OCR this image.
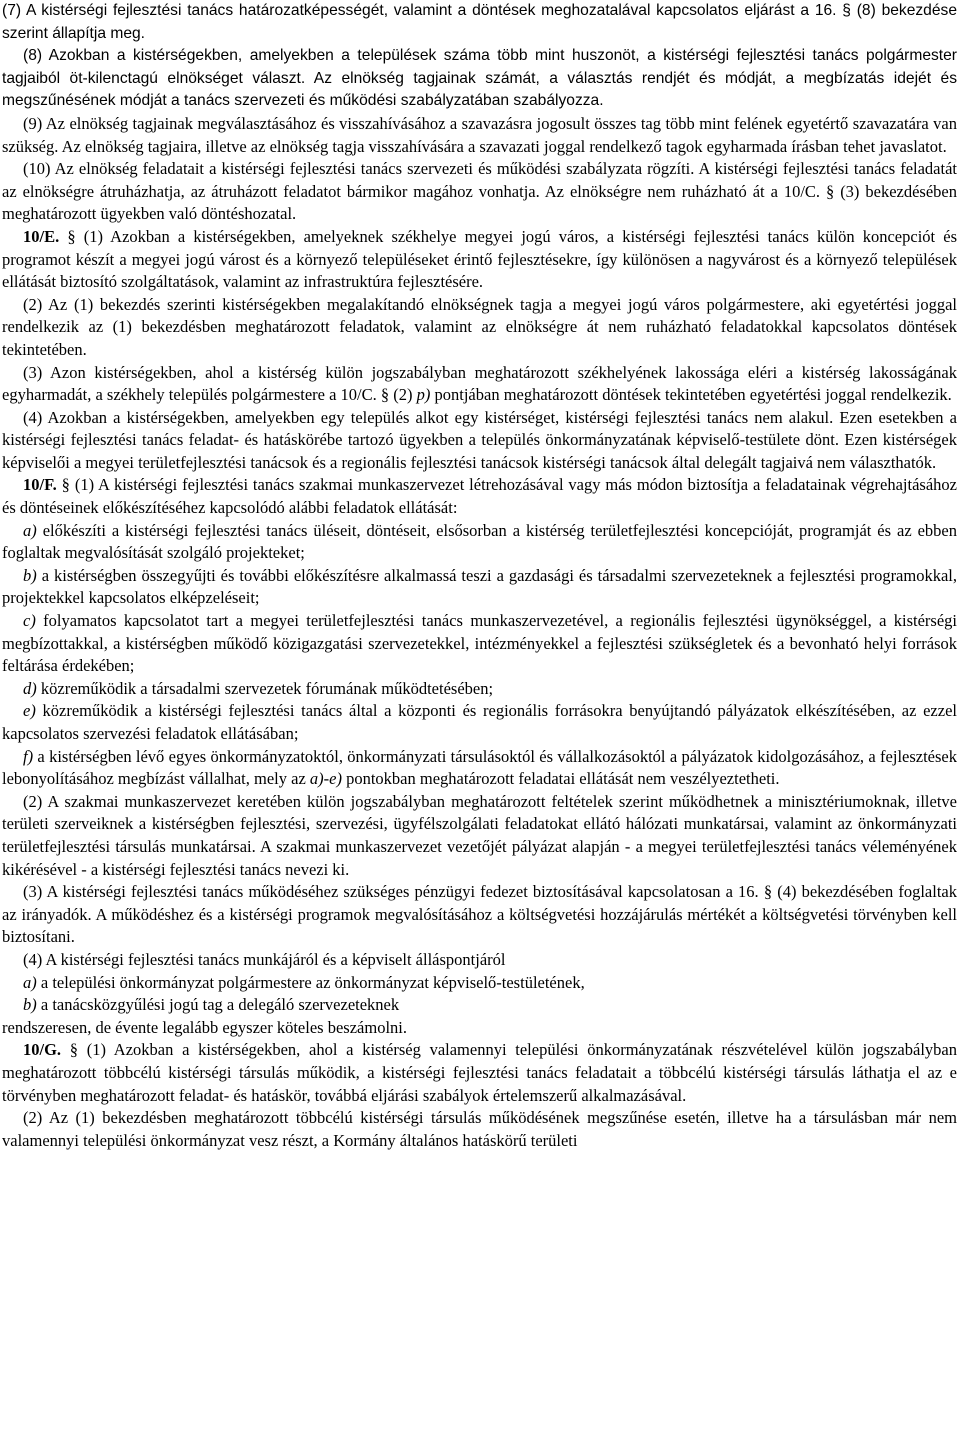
(7) A kistérségi fejlesztési tanács határozatképességét, valamint a döntések meghozatalával kapcsolatos eljárást a 16. § (8) bekezdése szerint állapítja meg.

(8) Azokban a kistérségekben, amelyekben a települések száma több mint huszonöt, a kistérségi fejlesztési tanács polgármester tagjaiból öt-kilenctagú elnökséget választ. Az elnökség tagjainak számát, a választás rendjét és módját, a megbízatás idejét és megszűnésének módját a tanács szervezeti és működési szabályzatában szabályozza.

(9) Az elnökség tagjainak megválasztásához és visszahívásához a szavazásra jogosult összes tag több mint felének egyetértő szavazatára van szükség. Az elnökség tagjaira, illetve az elnökség tagja visszahívására a szavazati joggal rendelkező tagok egyharmada írásban tehet javaslatot.

(10) Az elnökség feladatait a kistérségi fejlesztési tanács szervezeti és működési szabályzata rögzíti. A kistérségi fejlesztési tanács feladatát az elnökségre átruházhatja, az átruházott feladatot bármikor magához vonhatja. Az elnökségre nem ruházható át a 10/C. § (3) bekezdésében meghatározott ügyekben való döntéshozatal.

10/E. § (1) Azokban a kistérségekben, amelyeknek székhelye megyei jogú város, a kistérségi fejlesztési tanács külön koncepciót és programot készít a megyei jogú várost és a környező településeket érintő fejlesztésekre, így különösen a nagyvárost és a környező települések ellátását biztosító szolgáltatások, valamint az infrastruktúra fejlesztésére.

(2) Az (1) bekezdés szerinti kistérségekben megalakítandó elnökségnek tagja a megyei jogú város polgármestere, aki egyetértési joggal rendelkezik az (1) bekezdésben meghatározott feladatok, valamint az elnökségre át nem ruházható feladatokkal kapcsolatos döntések tekintetében.

(3) Azon kistérségekben, ahol a kistérség külön jogszabályban meghatározott székhelyének lakossága eléri a kistérség lakosságának egyharmadát, a székhely település polgármestere a 10/C. § (2) p) pontjában meghatározott döntések tekintetében egyetértési joggal rendelkezik.

(4) Azokban a kistérségekben, amelyekben egy település alkot egy kistérséget, kistérségi fejlesztési tanács nem alakul. Ezen esetekben a kistérségi fejlesztési tanács feladat- és hatáskörébe tartozó ügyekben a település önkormányzatának képviselő-testülete dönt. Ezen kistérségek képviselői a megyei területfejlesztési tanácsok és a regionális fejlesztési tanácsok kistérségi tanácsok által delegált tagjaivá nem választhatók.

10/F. § (1) A kistérségi fejlesztési tanács szakmai munkaszervezet létrehozásával vagy más módon biztosítja a feladatainak végrehajtásához és döntéseinek előkészítéséhez kapcsolódó alábbi feladatok ellátását:

a) előkészíti a kistérségi fejlesztési tanács üléseit, döntéseit, elsősorban a kistérség területfejlesztési koncepcióját, programját és az ebben foglaltak megvalósítását szolgáló projekteket;

b) a kistérségben összegyűjti és további előkészítésre alkalmassá teszi a gazdasági és társadalmi szervezeteknek a fejlesztési programokkal, projektekkel kapcsolatos elképzeléseit;

c) folyamatos kapcsolatot tart a megyei területfejlesztési tanács munkaszervezetével, a regionális fejlesztési ügynökséggel, a kistérségi megbízottakkal, a kistérségben működő közigazgatási szervezetekkel, intézményekkel a fejlesztési szükségletek és a bevonható helyi források feltárása érdekében;

d) közreműködik a társadalmi szervezetek fórumának működtetésében;

e) közreműködik a kistérségi fejlesztési tanács által a központi és regionális forrásokra benyújtandó pályázatok elkészítésében, az ezzel kapcsolatos szervezési feladatok ellátásában;

f) a kistérségben lévő egyes önkormányzatoktól, önkormányzati társulásoktól és vállalkozásoktól a pályázatok kidolgozásához, a fejlesztések lebonyolításához megbízást vállalhat, mely az a)-e) pontokban meghatározott feladatai ellátását nem veszélyeztetheti.

(2) A szakmai munkaszervezet keretében külön jogszabályban meghatározott feltételek szerint működhetnek a minisztériumoknak, illetve területi szerveiknek a kistérségben fejlesztési, szervezési, ügyfélszolgálati feladatokat ellátó hálózati munkatársai, valamint az önkormányzati területfejlesztési társulás munkatársai. A szakmai munkaszervezet vezetőjét pályázat alapján - a megyei területfejlesztési tanács véleményének kikérésével - a kistérségi fejlesztési tanács nevezi ki.

(3) A kistérségi fejlesztési tanács működéséhez szükséges pénzügyi fedezet biztosításával kapcsolatosan a 16. § (4) bekezdésében foglaltak az irányadók. A működéshez és a kistérségi programok megvalósításához a költségvetési hozzájárulás mértékét a költségvetési törvényben kell biztosítani.

(4) A kistérségi fejlesztési tanács munkájáról és a képviselt álláspontjáról

a) a települési önkormányzat polgármestere az önkormányzat képviselő-testületének,

b) a tanácsközgyűlési jogú tag a delegáló szervezeteknek

rendszeresen, de évente legalább egyszer köteles beszámolni.

10/G. § (1) Azokban a kistérségekben, ahol a kistérség valamennyi települési önkormányzatának részvételével külön jogszabályban meghatározott többcélú kistérségi társulás működik, a kistérségi fejlesztési tanács feladatait a többcélú kistérségi társulás láthatja el az e törvényben meghatározott feladat- és hatáskör, továbbá eljárási szabályok értelemszerű alkalmazásával.

(2) Az (1) bekezdésben meghatározott többcélú kistérségi társulás működésének megszűnése esetén, illetve ha a társulásban már nem valamennyi települési önkormányzat vesz részt, a Kormány általános hatáskörű területi
